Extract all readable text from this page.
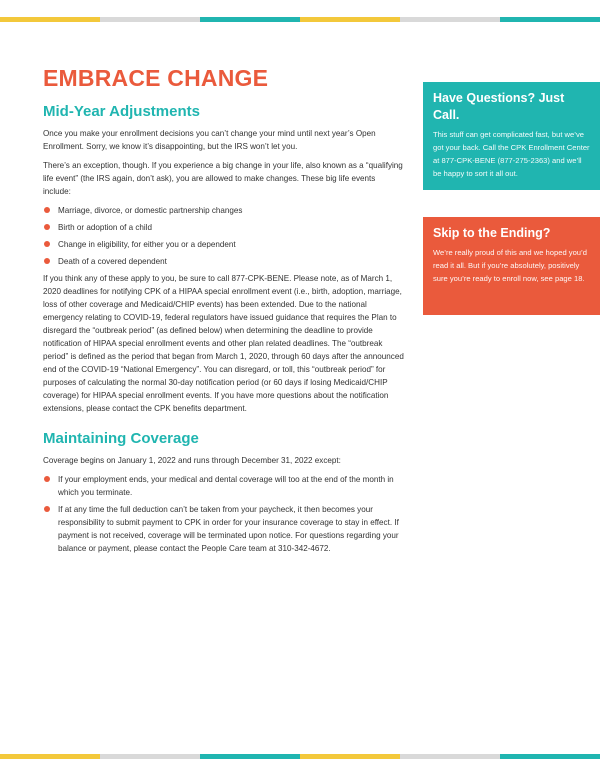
EMBRACE CHANGE
Mid-Year Adjustments

Once you make your enrollment decisions you can’t change your mind until next year’s Open Enrollment. Sorry, we know it’s disappointing, but the IRS won’t let you.

There’s an exception, though. If you experience a big change in your life, also known as a “qualifying life event” (the IRS again, don’t ask), you are allowed to make changes. These big life events include:

Marriage, divorce, or domestic partnership changes
Birth or adoption of a child
Change in eligibility, for either you or a dependent
Death of a covered dependent

If you think any of these apply to you, be sure to call 877-CPK-BENE. Please note, as of March 1, 2020 deadlines for notifying CPK of a HIPAA special enrollment event (i.e., birth, adoption, marriage, loss of other coverage and Medicaid/CHIP events) has been extended. Due to the national emergency relating to COVID-19, federal regulators have issued guidance that requires the Plan to disregard the “outbreak period” (as defined below) when determining the deadline to provide notification of HIPAA special enrollment events and other plan related deadlines. The “outbreak period” is defined as the period that began from March 1, 2020, through 60 days after the announced end of the COVID-19 “National Emergency”. You can disregard, or toll, this “outbreak period” for purposes of calculating the normal 30-day notification period (or 60 days if losing Medicaid/CHIP coverage) for HIPAA special enrollment events. If you have more questions about the notification extensions, please contact the CPK benefits department.

Maintaining Coverage

Coverage begins on January 1, 2022 and runs through December 31, 2022 except:

If your employment ends, your medical and dental coverage will too at the end of the month in which you terminate.
If at any time the full deduction can’t be taken from your paycheck, it then becomes your responsibility to submit payment to CPK in order for your insurance coverage to stay in effect. If payment is not received, coverage will be terminated upon notice. For questions regarding your balance or payment, please contact the People Care team at 310-342-4672.
Have Questions? Just Call.

This stuff can get complicated fast, but we’ve got your back. Call the CPK Enrollment Center at 877-CPK-BENE (877-275-2363) and we’ll be happy to sort it all out.

Skip to the Ending?

We’re really proud of this and we hoped you’d read it all. But if you’re absolutely, positively sure you’re ready to enroll now, see page 18.
